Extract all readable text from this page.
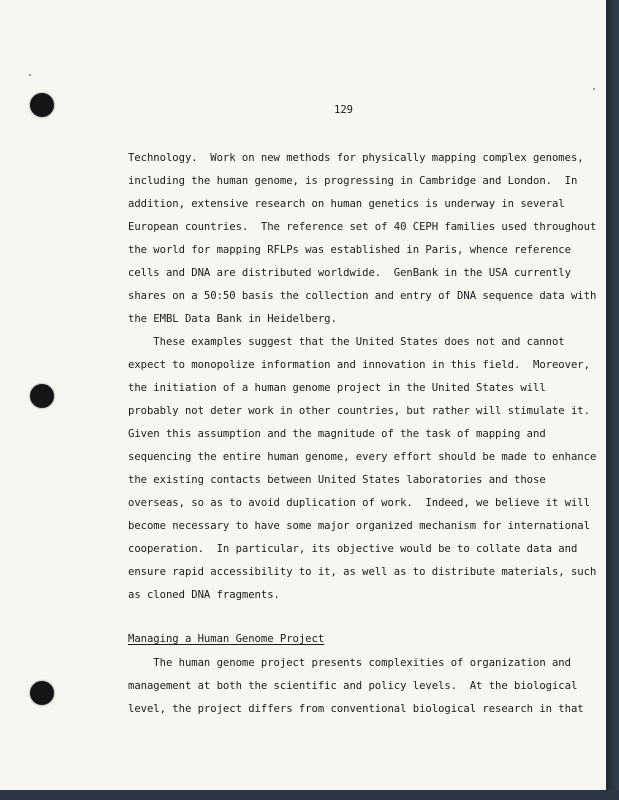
129
Technology.  Work on new methods for physically mapping complex genomes,
including the human genome, is progressing in Cambridge and London.  In
addition, extensive research on human genetics is underway in several
European countries.  The reference set of 40 CEPH families used throughout
the world for mapping RFLPs was established in Paris, whence reference
cells and DNA are distributed worldwide.  GenBank in the USA currently
shares on a 50:50 basis the collection and entry of DNA sequence data with
the EMBL Data Bank in Heidelberg.
These examples suggest that the United States does not and cannot
expect to monopolize information and innovation in this field.  Moreover,
the initiation of a human genome project in the United States will
probably not deter work in other countries, but rather will stimulate it.
Given this assumption and the magnitude of the task of mapping and
sequencing the entire human genome, every effort should be made to enhance
the existing contacts between United States laboratories and those
overseas, so as to avoid duplication of work.  Indeed, we believe it will
become necessary to have some major organized mechanism for international
cooperation.  In particular, its objective would be to collate data and
ensure rapid accessibility to it, as well as to distribute materials, such
as cloned DNA fragments.
Managing a Human Genome Project
The human genome project presents complexities of organization and
management at both the scientific and policy levels.  At the biological
level, the project differs from conventional biological research in that
